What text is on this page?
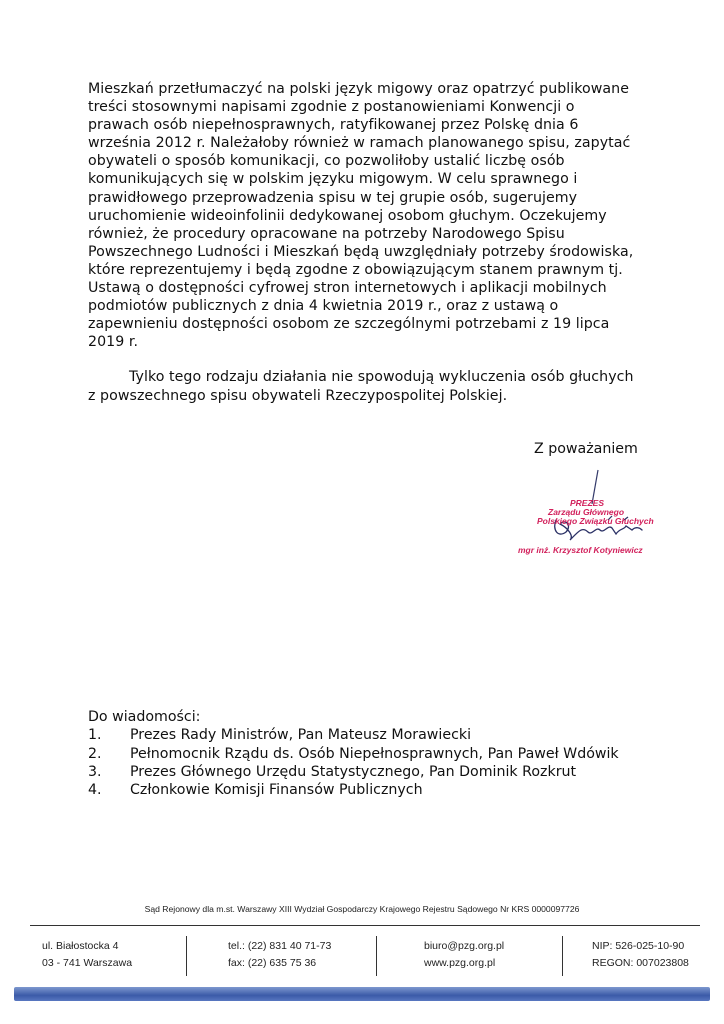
Mieszkań przetłumaczyć na polski język migowy oraz opatrzyć publikowane treści stosownymi napisami zgodnie z postanowieniami Konwencji o prawach osób niepełnosprawnych, ratyfikowanej przez Polskę dnia 6 września 2012 r. Należałoby również w ramach planowanego spisu, zapytać obywateli o sposób komunikacji, co pozwoliłoby ustalić liczbę osób komunikujących się w polskim języku migowym. W celu sprawnego i prawidłowego przeprowadzenia spisu w tej grupie osób, sugerujemy uruchomienie wideoinfolinii dedykowanej osobom głuchym. Oczekujemy również, że procedury opracowane na potrzeby Narodowego Spisu Powszechnego Ludności i Mieszkań będą uwzględniały potrzeby środowiska, które reprezentujemy i będą zgodne z obowiązującym stanem prawnym tj. Ustawą o dostępności cyfrowej stron internetowych i aplikacji mobilnych podmiotów publicznych z dnia 4 kwietnia 2019 r., oraz z ustawą o zapewnieniu dostępności osobom ze szczególnymi potrzebami z 19 lipca 2019 r.
Tylko tego rodzaju działania nie spowodują wykluczenia osób głuchych z powszechnego spisu obywateli Rzeczypospolitej Polskiej.
Z poważaniem
PREZES
Zarządu Głównego
Polskiego Związku Głuchych
mgr inż. Krzysztof Kotyniewicz
Do wiadomości:
1.	Prezes Rady Ministrów, Pan Mateusz Morawiecki
2.	Pełnomocnik Rządu ds. Osób Niepełnosprawnych, Pan Paweł Wdówik
3.	Prezes Głównego Urzędu Statystycznego, Pan Dominik Rozkrut
4.	Członkowie Komisji Finansów Publicznych
Sąd Rejonowy dla m.st. Warszawy XIII Wydział Gospodarczy Krajowego Rejestru Sądowego Nr KRS 0000097726
ul. Białostocka 4
03 - 741 Warszawa
tel.: (22) 831 40 71-73
fax: (22) 635 75 36
biuro@pzg.org.pl
www.pzg.org.pl
NIP: 526-025-10-90
REGON: 007023808
